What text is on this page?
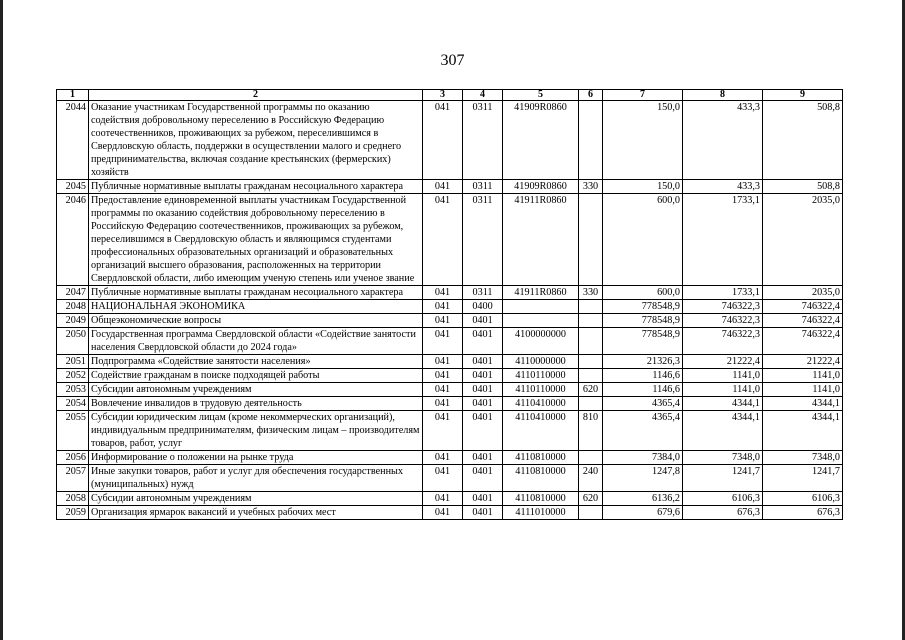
307
1	2	3	4	5	6	7	8	9
2044	Оказание участникам Государственной программы по оказанию содействия добровольному переселению в Российскую Федерацию соотечественников, проживающих за рубежом, переселившимся в Свердловскую область, поддержки в осуществлении малого и среднего предпринимательства, включая создание крестьянских (фермерских) хозяйств	041	0311	41909R0860		150,0	433,3	508,8
2045	Публичные нормативные выплаты гражданам несоциального характера	041	0311	41909R0860	330	150,0	433,3	508,8
2046	Предоставление единовременной выплаты участникам Государственной программы по оказанию содействия добровольному переселению в Российскую Федерацию соотечественников, проживающих за рубежом, переселившимся в Свердловскую область и являющимся студентами профессиональных образовательных организаций и образовательных организаций высшего образования, расположенных на территории Свердловской области, либо имеющим ученую степень или ученое звание	041	0311	41911R0860		600,0	1733,1	2035,0
2047	Публичные нормативные выплаты гражданам несоциального характера	041	0311	41911R0860	330	600,0	1733,1	2035,0
2048	НАЦИОНАЛЬНАЯ ЭКОНОМИКА	041	0400			778548,9	746322,3	746322,4
2049	Общеэкономические вопросы	041	0401			778548,9	746322,3	746322,4
2050	Государственная программа Свердловской области «Содействие занятости населения Свердловской области до 2024 года»	041	0401	4100000000		778548,9	746322,3	746322,4
2051	Подпрограмма «Содействие занятости населения»	041	0401	4110000000		21326,3	21222,4	21222,4
2052	Содействие гражданам в поиске подходящей работы	041	0401	4110110000		1146,6	1141,0	1141,0
2053	Субсидии автономным учреждениям	041	0401	4110110000	620	1146,6	1141,0	1141,0
2054	Вовлечение инвалидов в трудовую деятельность	041	0401	4110410000		4365,4	4344,1	4344,1
2055	Субсидии юридическим лицам (кроме некоммерческих организаций), индивидуальным предпринимателям, физическим лицам – производителям товаров, работ, услуг	041	0401	4110410000	810	4365,4	4344,1	4344,1
2056	Информирование о положении на рынке труда	041	0401	4110810000		7384,0	7348,0	7348,0
2057	Иные закупки товаров, работ и услуг для обеспечения государственных (муниципальных) нужд	041	0401	4110810000	240	1247,8	1241,7	1241,7
2058	Субсидии автономным учреждениям	041	0401	4110810000	620	6136,2	6106,3	6106,3
2059	Организация ярмарок вакансий и учебных рабочих мест	041	0401	4111010000		679,6	676,3	676,3
